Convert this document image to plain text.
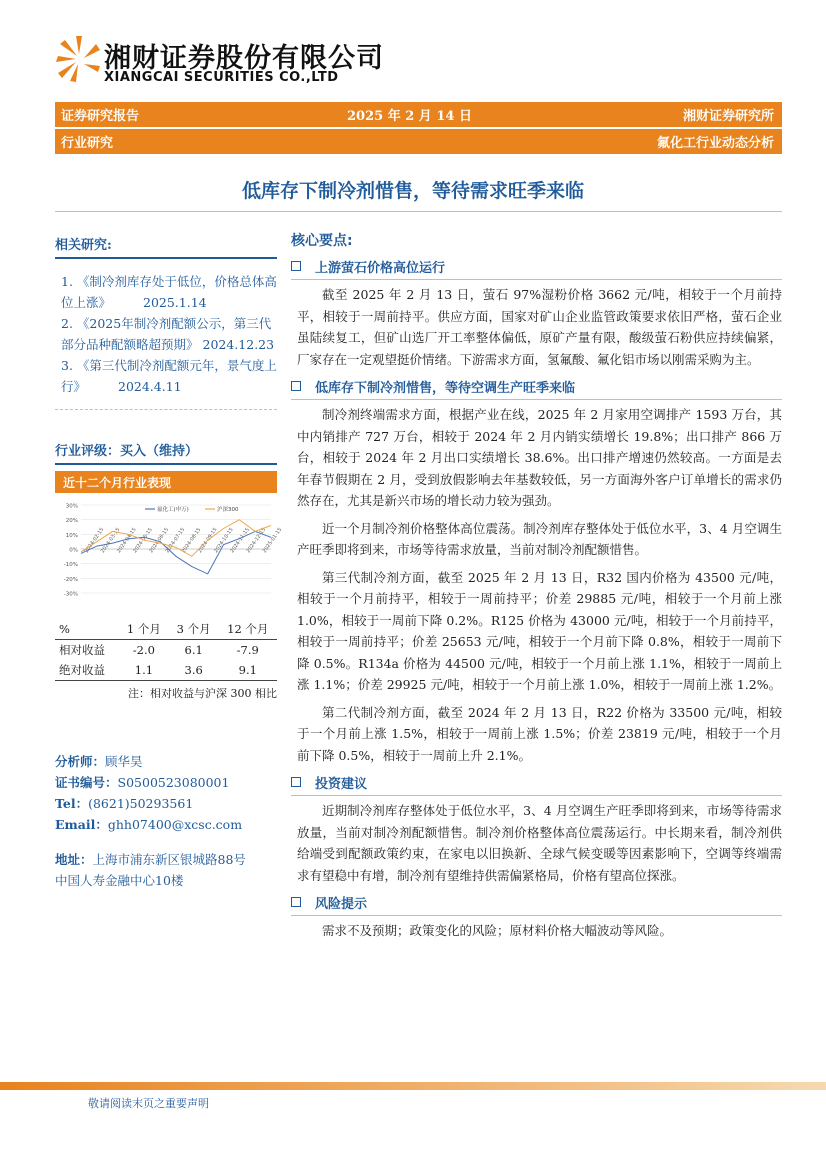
湘财证券股份有限公司
XIANGCAI SECURITIES CO.,LTD
证券研究报告	2025 年 2 月 14 日	湘财证券研究所
行业研究	氟化工行业动态分析
低库存下制冷剂惜售，等待需求旺季来临
相关研究:
1. 《制冷剂库存处于低位，价格总体高位上涨》	2025.1.14
2. 《2025年制冷剂配额公示，第三代部分品种配额略超预期》 2024.12.23
3. 《第三代制冷剂配额元年，景气度上行》	2024.4.11
行业评级：买入（维持）
近十二个月行业表现
30%
20%
10%
0%
-10%
-20%
-30%
2024-02-15
2024-03-15
2024-04-15
2024-05-15
2024-06-15
2024-07-15
2024-08-15
2024-09-15
2024-10-15
2024-11-15
2024-12-15
2025-01-15
氟化工(申万)	沪深300
%	1 个月	3 个月	12 个月
相对收益	-2.0	6.1	-7.9
绝对收益	1.1	3.6	9.1
注：相对收益与沪深 300 相比
分析师：顾华昊
证书编号：S0500523080001
Tel：(8621)50293561
Email：ghh07400@xcsc.com
地址：上海市浦东新区银城路88号
中国人寿金融中心10楼
核心要点:
上游萤石价格高位运行

截至 2025 年 2 月 13 日，萤石 97%湿粉价格 3662 元/吨，相较于一个月前持平，相较于一周前持平。供应方面，国家对矿山企业监管政策要求依旧严格，萤石企业虽陆续复工，但矿山选厂开工率整体偏低，原矿产量有限，酸级萤石粉供应持续偏紧，厂家存在一定观望挺价情绪。下游需求方面，氢氟酸、氟化铝市场以刚需采购为主。

低库存下制冷剂惜售，等待空调生产旺季来临

制冷剂终端需求方面，根据产业在线，2025 年 2 月家用空调排产 1593 万台，其中内销排产 727 万台，相较于 2024 年 2 月内销实绩增长 19.8%；出口排产 866 万台，相较于 2024 年 2 月出口实绩增长 38.6%。出口排产增速仍然较高。一方面是去年春节假期在 2 月，受到放假影响去年基数较低，另一方面海外客户订单增长的需求仍然存在，尤其是新兴市场的增长动力较为强劲。

近一个月制冷剂价格整体高位震荡。制冷剂库存整体处于低位水平，3、4 月空调生产旺季即将到来，市场等待需求放量，当前对制冷剂配额惜售。

第三代制冷剂方面，截至 2025 年 2 月 13 日，R32 国内价格为 43500 元/吨，相较于一个月前持平，相较于一周前持平；价差 29885 元/吨，相较于一个月前上涨 1.0%，相较于一周前下降 0.2%。R125 价格为 43000 元/吨，相较于一个月前持平，相较于一周前持平；价差 25653 元/吨，相较于一个月前下降 0.8%，相较于一周前下降 0.5%。R134a 价格为 44500 元/吨，相较于一个月前上涨 1.1%，相较于一周前上涨 1.1%；价差 29925 元/吨，相较于一个月前上涨 1.0%，相较于一周前上涨 1.2%。

第二代制冷剂方面，截至 2024 年 2 月 13 日，R22 价格为 33500 元/吨，相较于一个月前上涨 1.5%，相较于一周前上涨 1.5%；价差 23819 元/吨，相较于一个月前下降 0.5%，相较于一周前上升 2.1%。

投资建议

近期制冷剂库存整体处于低位水平，3、4 月空调生产旺季即将到来，市场等待需求放量，当前对制冷剂配额惜售。制冷剂价格整体高位震荡运行。中长期来看，制冷剂供给端受到配额政策约束，在家电以旧换新、全球气候变暖等因素影响下，空调等终端需求有望稳中有增，制冷剂有望维持供需偏紧格局，价格有望高位探涨。

风险提示

需求不及预期；政策变化的风险；原材料价格大幅波动等风险。

敬请阅读末页之重要声明
